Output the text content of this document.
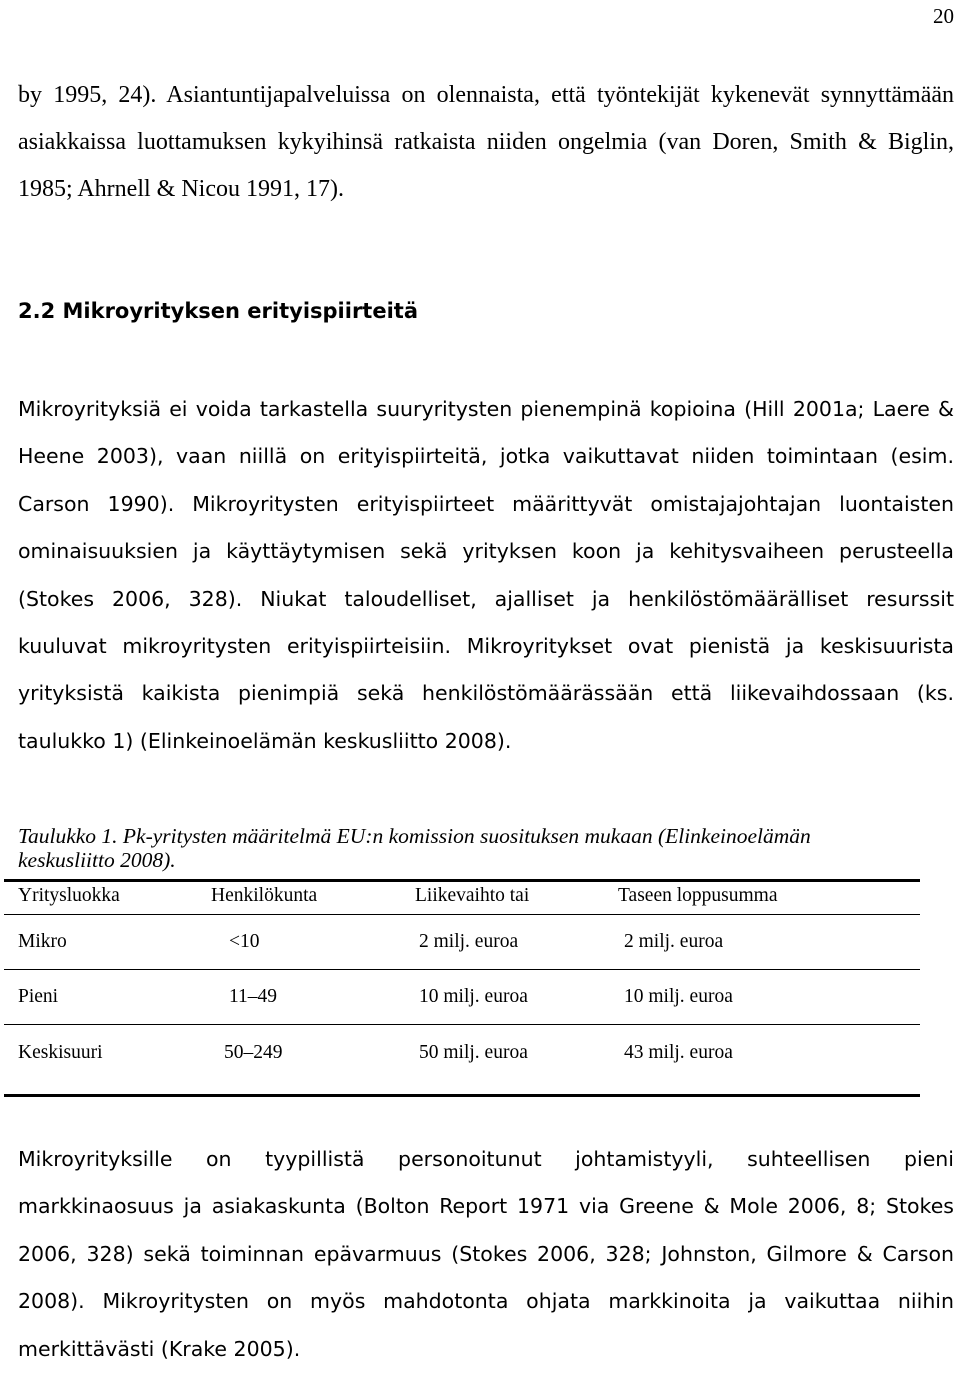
20

by 1995, 24). Asiantuntijapalveluissa on olennaista, että työntekijät kykenevät synnyttämään asiakkaissa luottamuksen kykyihinsä ratkaista niiden ongelmia (van Doren, Smith & Biglin, 1985; Ahrnell & Nicou 1991, 17).

2.2 Mikroyrityksen erityispiirteitä

Mikroyrityksiä ei voida tarkastella suuryritysten pienempinä kopioina (Hill 2001a; Laere & Heene 2003), vaan niillä on erityispiirteitä, jotka vaikuttavat niiden toimintaan (esim. Carson 1990). Mikroyritysten erityispiirteet määrittyvät omistajajohtajan luontaisten ominaisuuksien ja käyttäytymisen sekä yrityksen koon ja kehitysvaiheen perusteella (Stokes 2006, 328). Niukat taloudelliset, ajalliset ja henkilöstömäärälliset resurssit kuuluvat mikroyritysten erityispiirteisiin. Mikroyritykset ovat pienistä ja keskisuurista yrityksistä kaikista pienimpiä sekä henkilöstömäärässään että liikevaihdossaan (ks. taulukko 1) (Elinkeinoelämän keskusliitto 2008).

Taulukko 1. Pk-yritysten määritelmä EU:n komission suosituksen mukaan (Elinkeinoelämän
keskusliitto 2008).
Yritysluokka	Henkilökunta	Liikevaihto tai	Taseen loppusumma
Mikro	<10	2 milj. euroa	2 milj. euroa
Pieni	11–49	10 milj. euroa	10 milj. euroa
Keskisuuri	50–249	50 milj. euroa	43 milj. euroa

Mikroyrityksille on tyypillistä personoitunut johtamistyyli, suhteellisen pieni markkinaosuus ja asiakaskunta (Bolton Report 1971 via Greene & Mole 2006, 8; Stokes 2006, 328) sekä toiminnan epävarmuus (Stokes 2006, 328; Johnston, Gilmore & Carson 2008). Mikroyritysten on myös mahdotonta ohjata markkinoita ja vaikuttaa niihin merkittävästi (Krake 2005).
